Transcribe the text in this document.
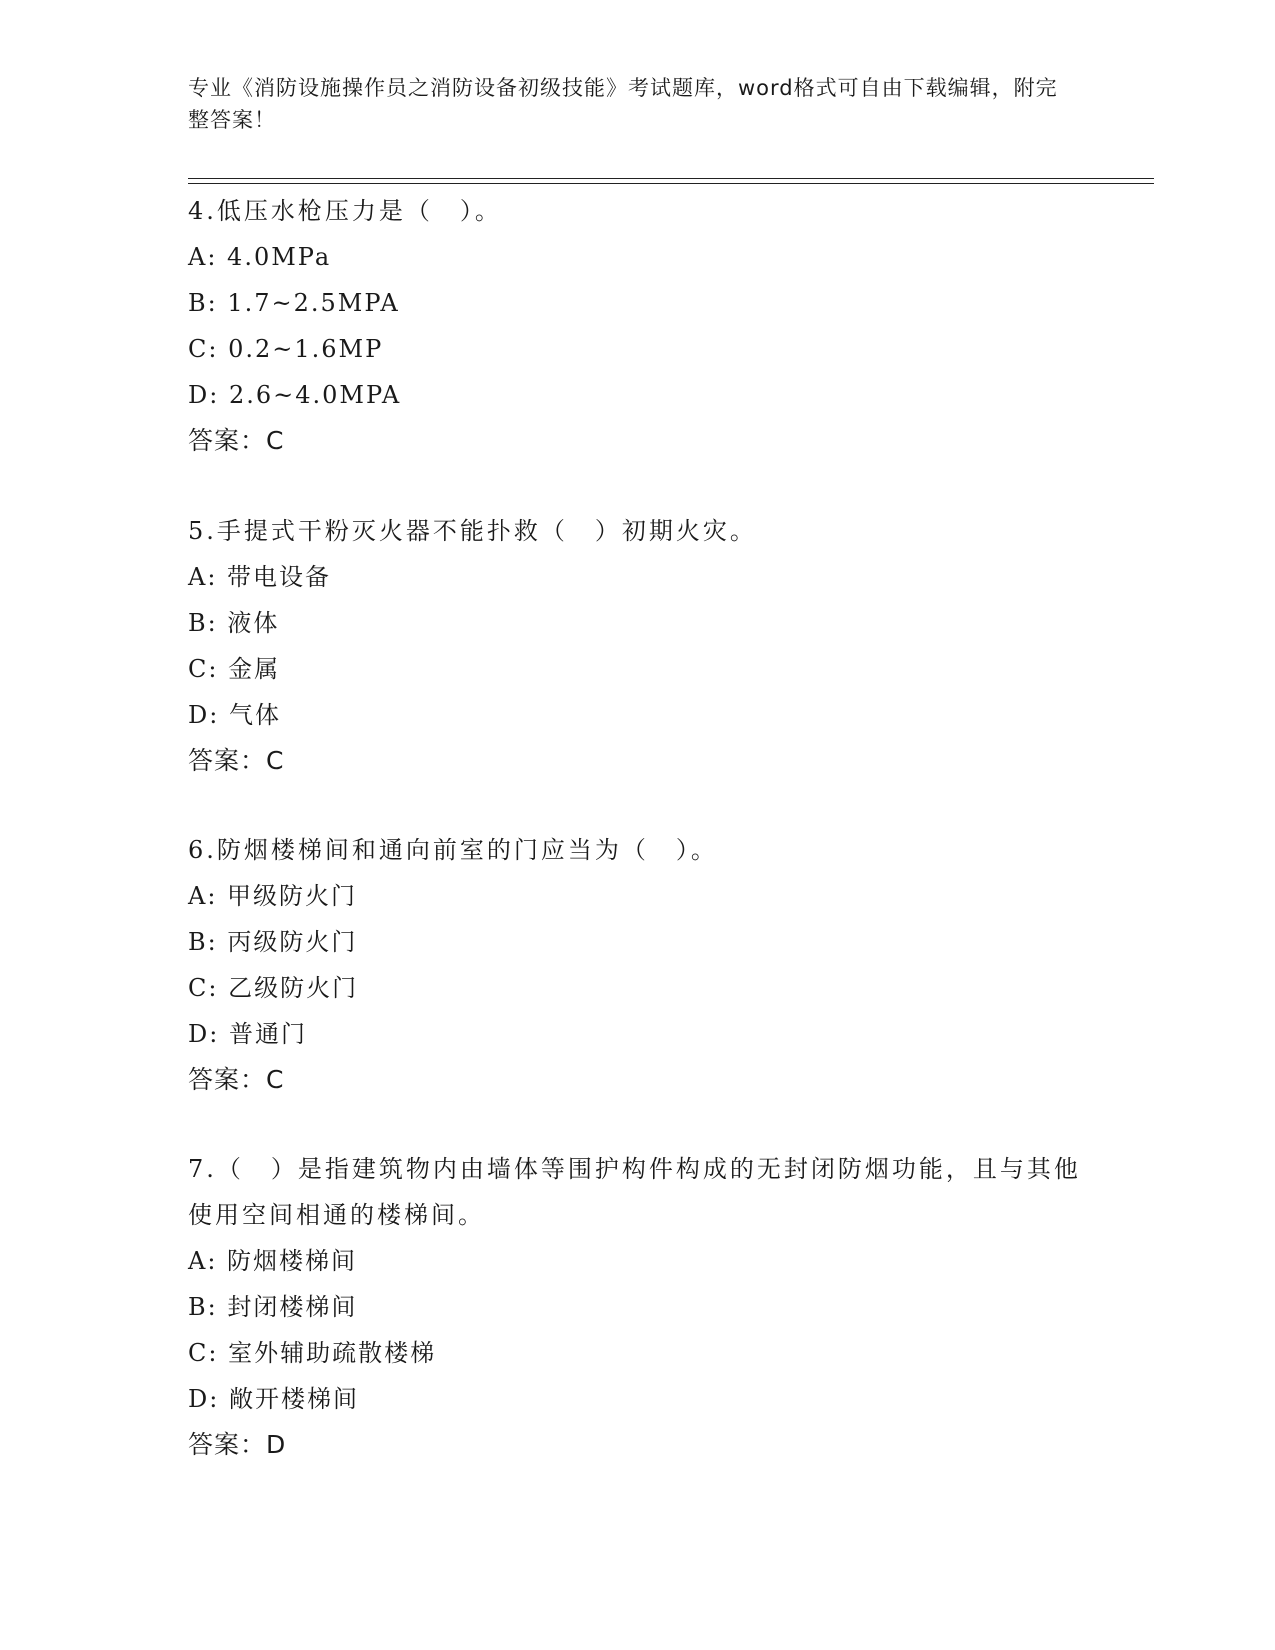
专业《消防设施操作员之消防设备初级技能》考试题库，word格式可自由下载编辑，附完整答案！

4.低压水枪压力是（　）。

A: 4.0MPa

B: 1.7~2.5MPA

C: 0.2~1.6MP

D: 2.6~4.0MPA

答案：C

5.手提式干粉灭火器不能扑救（　）初期火灾。

A: 带电设备

B: 液体

C: 金属

D: 气体

答案：C

6.防烟楼梯间和通向前室的门应当为（　）。

A: 甲级防火门

B: 丙级防火门

C: 乙级防火门

D: 普通门

答案：C

7.（　）是指建筑物内由墙体等围护构件构成的无封闭防烟功能，且与其他使用空间相通的楼梯间。

A: 防烟楼梯间

B: 封闭楼梯间

C: 室外辅助疏散楼梯

D: 敞开楼梯间

答案：D
